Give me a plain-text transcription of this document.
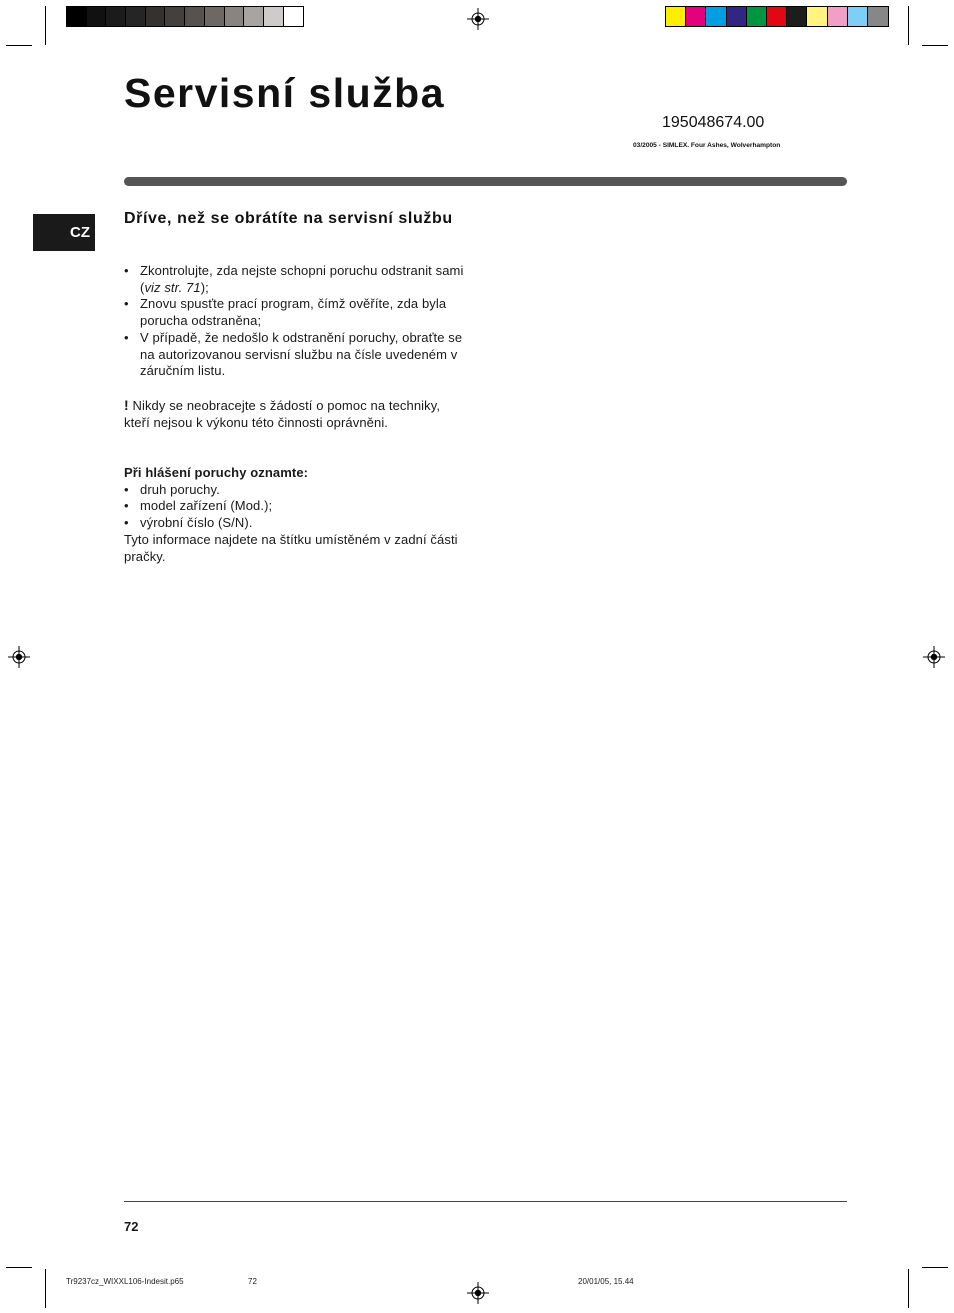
Servisní služba
195048674.00
03/2005 - SIMLEX. Four Ashes, Wolverhampton
CZ
Dříve, než se obrátíte na servisní službu
• Zkontrolujte, zda nejste schopni poruchu odstranit sami (viz str. 71);
• Znovu spusťte prací program, čímž ověříte, zda byla porucha odstraněna;
• V případě, že nedošlo k odstranění poruchy, obraťte se na autorizovanou servisní službu na čísle uvedeném v záručním listu.
! Nikdy se neobracejte s žádostí o pomoc na techniky, kteří nejsou k výkonu této činnosti oprávněni.
Při hlášení poruchy oznamte:
• druh poruchy.
• model zařízení (Mod.);
• výrobní číslo (S/N).
Tyto informace najdete na štítku umístěném v zadní části pračky.
72
Tr9237cz_WIXXL106-Indesit.p65	72	20/01/05, 15.44
